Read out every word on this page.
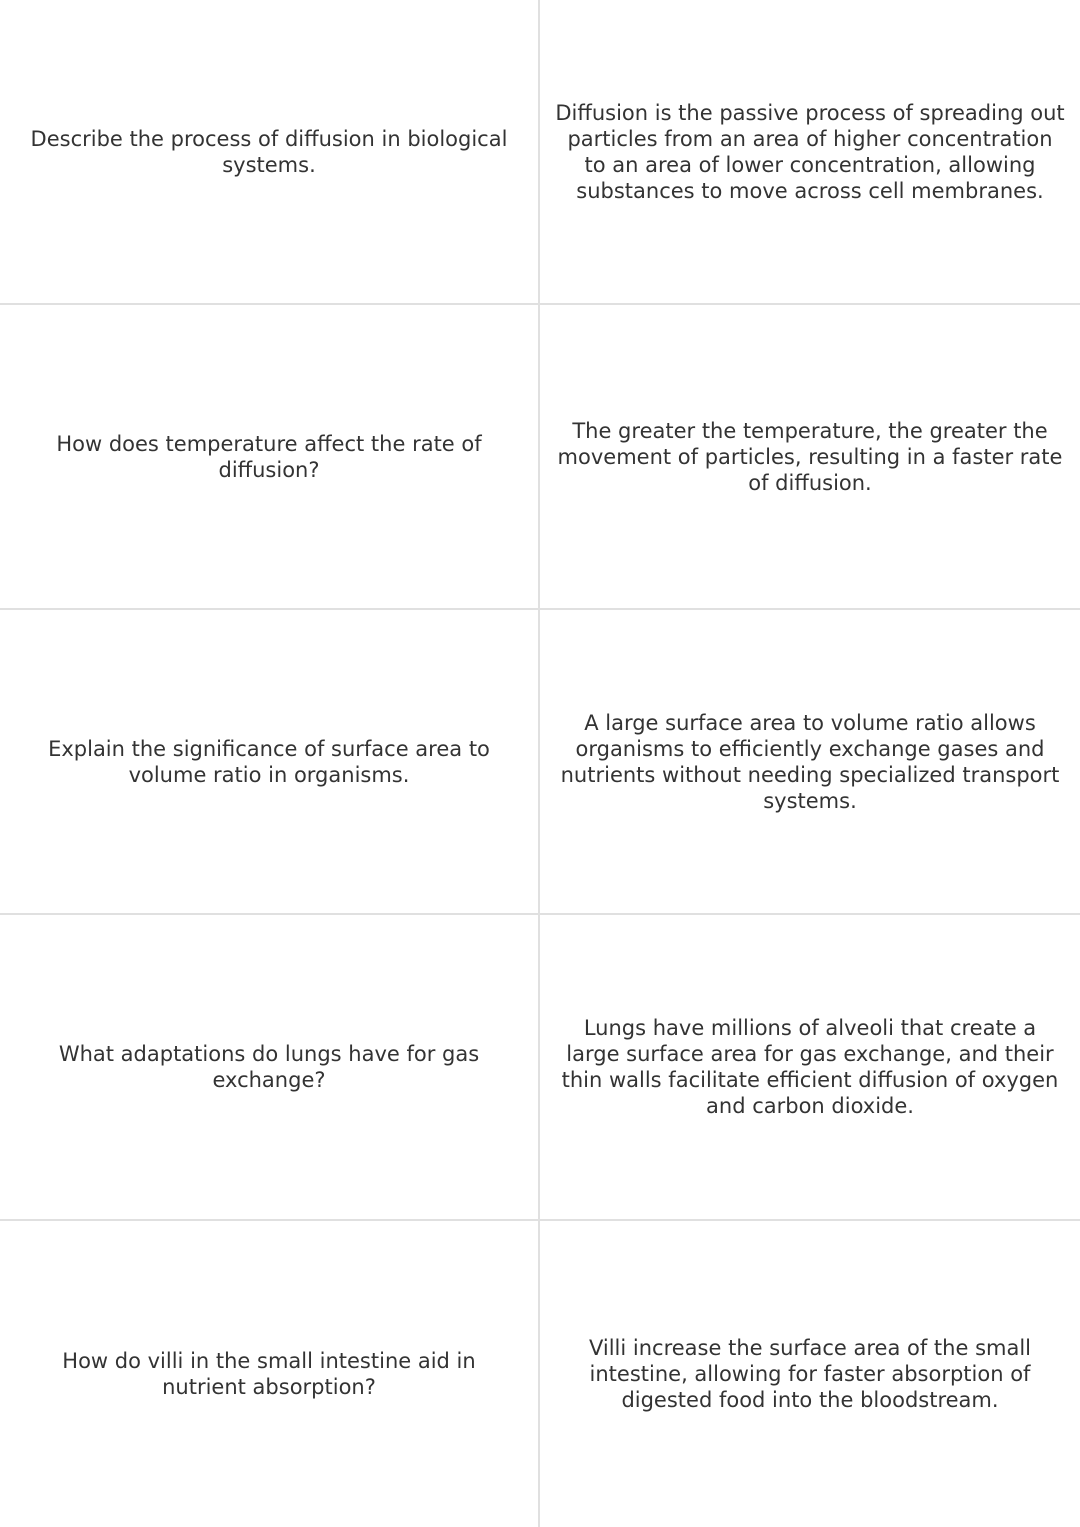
Describe the process of diffusion in biological systems.
Diffusion is the passive process of spreading out particles from an area of higher concentration to an area of lower concentration, allowing substances to move across cell membranes.
How does temperature affect the rate of diffusion?
The greater the temperature, the greater the movement of particles, resulting in a faster rate of diffusion.
Explain the significance of surface area to volume ratio in organisms.
A large surface area to volume ratio allows organisms to efficiently exchange gases and nutrients without needing specialized transport systems.
What adaptations do lungs have for gas exchange?
Lungs have millions of alveoli that create a large surface area for gas exchange, and their thin walls facilitate efficient diffusion of oxygen and carbon dioxide.
How do villi in the small intestine aid in nutrient absorption?
Villi increase the surface area of the small intestine, allowing for faster absorption of digested food into the bloodstream.
